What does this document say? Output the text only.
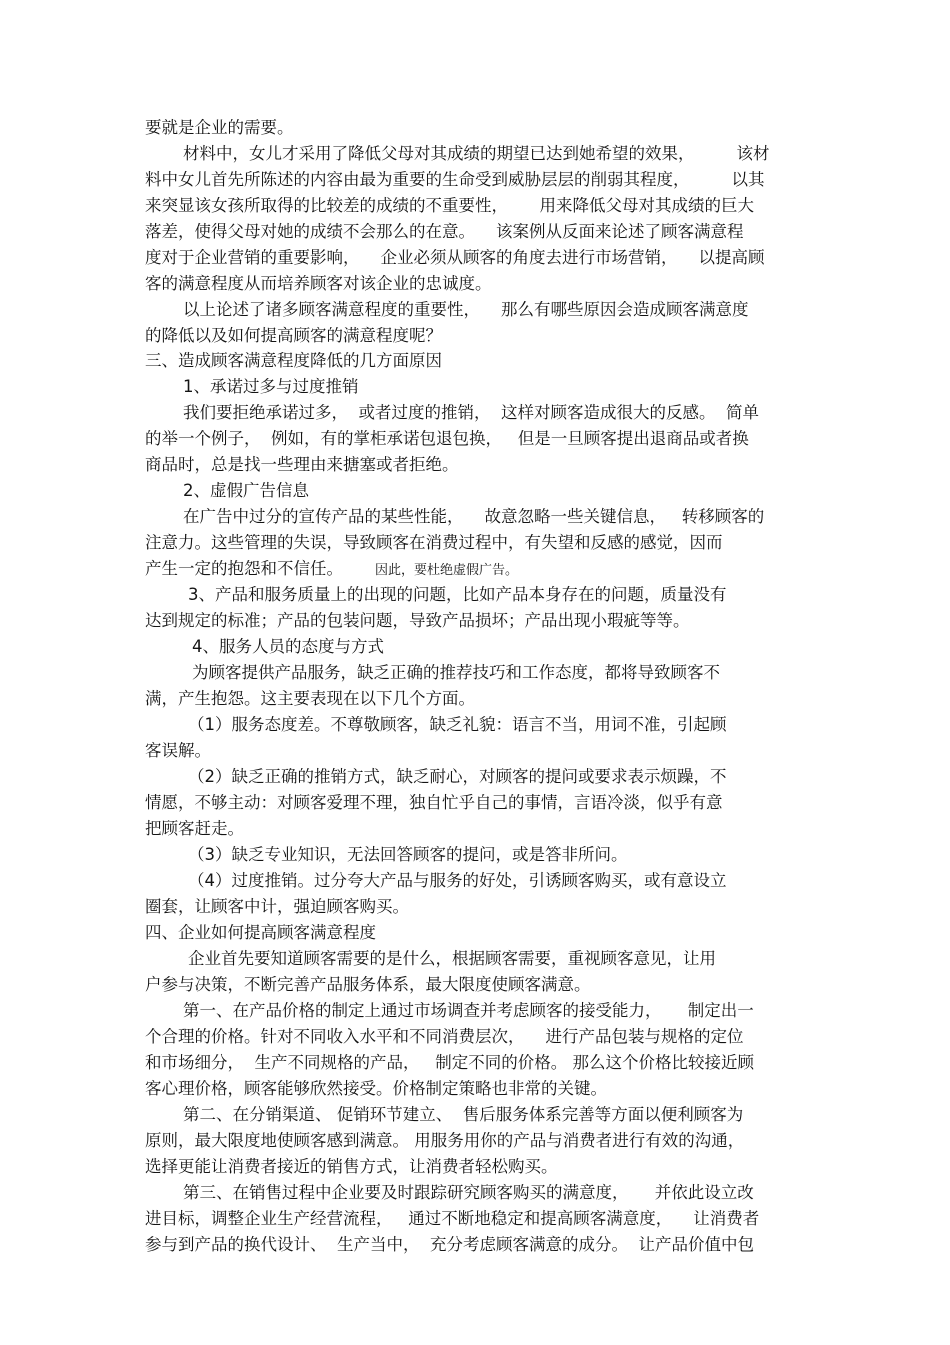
要就是企业的需要。
材料中，女儿才采用了降低父母对其成绩的期望已达到她希望的效果，        该材
料中女儿首先所陈述的内容由最为重要的生命受到威胁层层的削弱其程度，        以其
来突显该女孩所取得的比较差的成绩的不重要性，      用来降低父母对其成绩的巨大
落差，使得父母对她的成绩不会那么的在意。    该案例从反面来论述了顾客满意程
度对于企业营销的重要影响，    企业必须从顾客的角度去进行市场营销，    以提高顾
客的满意程度从而培养顾客对该企业的忠诚度。
以上论述了诸多顾客满意程度的重要性，    那么有哪些原因会造成顾客满意度
的降低以及如何提高顾客的满意程度呢？
三、造成顾客满意程度降低的几方面原因
1、承诺过多与过度推销
我们要拒绝承诺过多，  或者过度的推销，  这样对顾客造成很大的反感。  简单
的举一个例子，  例如，有的掌柜承诺包退包换，   但是一旦顾客提出退商品或者换
商品时，总是找一些理由来搪塞或者拒绝。
2、虚假广告信息
在广告中过分的宣传产品的某些性能，    故意忽略一些关键信息，   转移顾客的
注意力。这些管理的失误，导致顾客在消费过程中，有失望和反感的感觉，因而
产生一定的抱怨和不信任。 因此，要杜绝虚假广告。
3、产品和服务质量上的出现的问题，比如产品本身存在的问题，质量没有
达到规定的标准；产品的包装问题，导致产品损坏；产品出现小瑕疵等等。
4、服务人员的态度与方式
为顾客提供产品服务，缺乏正确的推荐技巧和工作态度，都将导致顾客不
满，产生抱怨。这主要表现在以下几个方面。
（1）服务态度差。不尊敬顾客，缺乏礼貌：语言不当，用词不准，引起顾
客误解。
（2）缺乏正确的推销方式，缺乏耐心，对顾客的提问或要求表示烦躁，不
情愿，不够主动：对顾客爱理不理，独自忙乎自己的事情，言语冷淡，似乎有意
把顾客赶走。
（3）缺乏专业知识，无法回答顾客的提问，或是答非所问。
（4）过度推销。过分夸大产品与服务的好处，引诱顾客购买，或有意设立
圈套，让顾客中计，强迫顾客购买。
四、企业如何提高顾客满意程度
企业首先要知道顾客需要的是什么，根据顾客需要，重视顾客意见，让用
户参与决策，不断完善产品服务体系，最大限度使顾客满意。
第一、在产品价格的制定上通过市场调查并考虑顾客的接受能力，     制定出一
个合理的价格。针对不同收入水平和不同消费层次，    进行产品包装与规格的定位
和市场细分，  生产不同规格的产品，   制定不同的价格。 那么这个价格比较接近顾
客心理价格，顾客能够欣然接受。价格制定策略也非常的关键。
第二、在分销渠道、 促销环节建立、  售后服务体系完善等方面以便利顾客为
原则，最大限度地使顾客感到满意。 用服务用你的产品与消费者进行有效的沟通，
选择更能让消费者接近的销售方式，让消费者轻松购买。
第三、在销售过程中企业要及时跟踪研究顾客购买的满意度，     并依此设立改
进目标，调整企业生产经营流程，   通过不断地稳定和提高顾客满意度，    让消费者
参与到产品的换代设计、  生产当中，  充分考虑顾客满意的成分。  让产品价值中包
